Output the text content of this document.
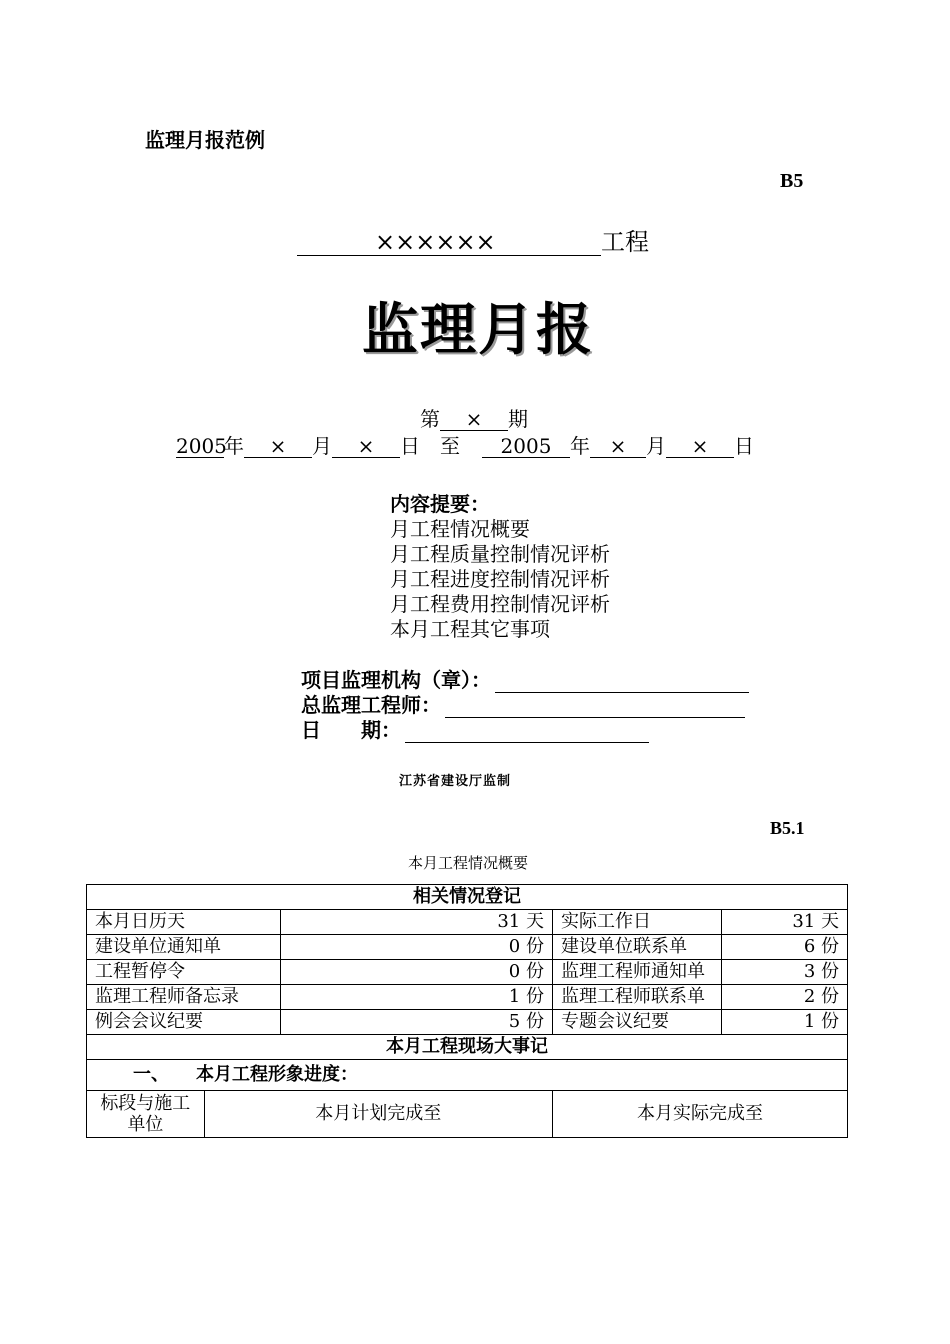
监理月报范例
B5
××××××	工程
监理月报
第 × 期
2005年 × 月 × 日 至 2005 年 × 月 × 日
内容提要：
月工程情况概要
月工程质量控制情况评析
月工程进度控制情况评析
月工程费用控制情况评析
本月工程其它事项
项目监理机构（章）：
总监理工程师：
日　　期：
江苏省建设厅监制
B5.1
本月工程情况概要
相关情况登记				
本月日历天		31 天	实际工作日	31 天
建设单位通知单		0 份	建设单位联系单	6 份
工程暂停令		0 份	监理工程师通知单	3 份
监理工程师备忘录		1 份	监理工程师联系单	2 份
例会会议纪要		5 份	专题会议纪要	1 份
本月工程现场大事记				
一、　　本月工程形象进度：				
标段与施工单位	本月计划完成至		本月实际完成至	
